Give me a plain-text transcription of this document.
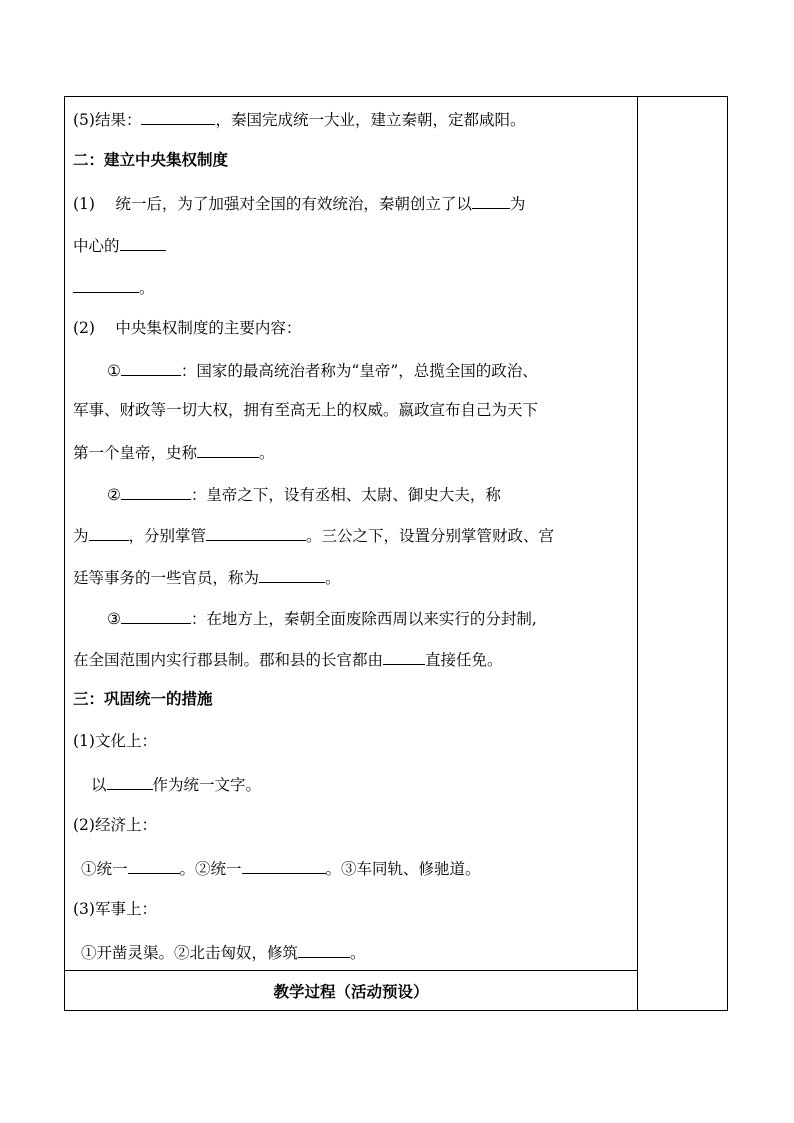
(5)结果：	，秦国完成统一大业，建立秦朝，定都咸阳。
二：建立中央集权制度
(1)　 统一后，为了加强对全国的有效统治，秦朝创立了以 为
中心的
。
(2)　 中央集权制度的主要内容：
①	：国家的最高统治者称为“皇帝”，总揽全国的政治、
军事、财政等一切大权，拥有至高无上的权威。嬴政宣布自己为天下
第一个皇帝，史称	。
②	：皇帝之下，设有丞相、太尉、御史大夫，称
为	，分别掌管	。三公之下，设置分别掌管财政、宫
廷等事务的一些官员，称为	。
③	：在地方上，秦朝全面废除西周以来实行的分封制,
在全国范围内实行郡县制。郡和县的长官都由	直接任免。
三：巩固统一的措施
(1)文化上：
以	作为统一文字。
(2)经济上：
①统一	。②统一	。③车同轨、修驰道。
(3)军事上：
①开凿灵渠。②北击匈奴，修筑	。
教学过程（活动预设）
